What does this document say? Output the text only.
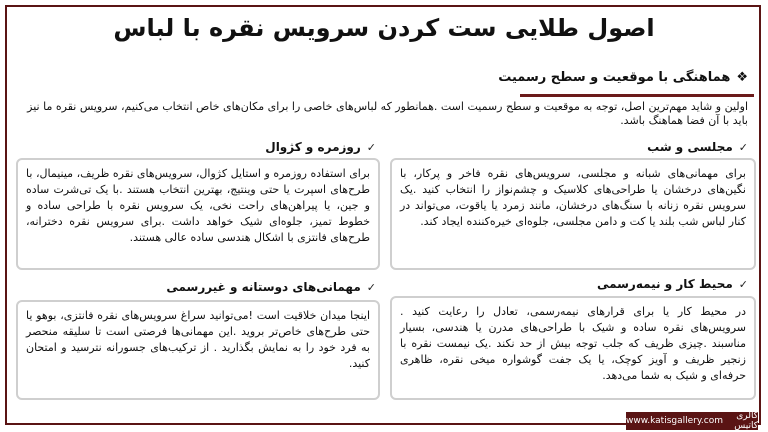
اصول طلایی ست کردن سرویس نقره با لباس
❖
هماهنگی با موقعیت و سطح رسمیت
اولین و شاید مهم‌ترین اصل، توجه به موقعیت و سطح رسمیت است .همانطور که لباس‌های خاصی را برای مکان‌های خاص انتخاب می‌کنیم، سرویس نقره ما نیز باید با آن فضا هماهنگ باشد.
✓
مجلسی و شب
برای مهمانی‌های شبانه و مجلسی، سرویس‌های نقره فاخر و پرکار، با نگین‌های درخشان یا طراحی‌های کلاسیک و چشم‌نواز را انتخاب کنید .یک سرویس نقره زنانه با سنگ‌های درخشان، مانند زمرد یا یاقوت، می‌تواند در کنار لباس شب بلند یا کت و دامن مجلسی، جلوه‌ای خیره‌کننده ایجاد کند.
✓
روزمره و کژوال
برای استفاده روزمره و استایل کژوال، سرویس‌های نقره ظریف، مینیمال، با طرح‌های اسپرت یا حتی وینتیج، بهترین انتخاب هستند .با یک تی‌شرت ساده و جین، یا پیراهن‌های راحت نخی، یک سرویس نقره با طراحی ساده و خطوط تمیز، جلوه‌ای شیک خواهد داشت .برای سرویس نقره دخترانه، طرح‌های فانتزی با اشکال هندسی ساده عالی هستند.
✓
محیط کار و نیمه‌رسمی
در محیط کار یا برای قرارهای نیمه‌رسمی، تعادل را رعایت کنید . سرویس‌های نقره ساده و شیک با طراحی‌های مدرن یا هندسی، بسیار مناسبند .چیزی ظریف که جلب توجه بیش از حد نکند .یک نیمست نقره با زنجیر ظریف و آویز کوچک، یا یک جفت گوشواره میخی نقره، ظاهری حرفه‌ای و شیک به شما می‌دهد.
✓
مهمانی‌های دوستانه و غیررسمی
اینجا میدان خلاقیت است !می‌توانید سراغ سرویس‌های نقره فانتزی، بوهو یا حتی طرح‌های خاص‌تر بروید .این مهمانی‌ها فرصتی است تا سلیقه منحصر به فرد خود را به نمایش بگذارید . از ترکیب‌های جسورانه نترسید و امتحان کنید.
گالری کاتیس
www.katisgallery.com
